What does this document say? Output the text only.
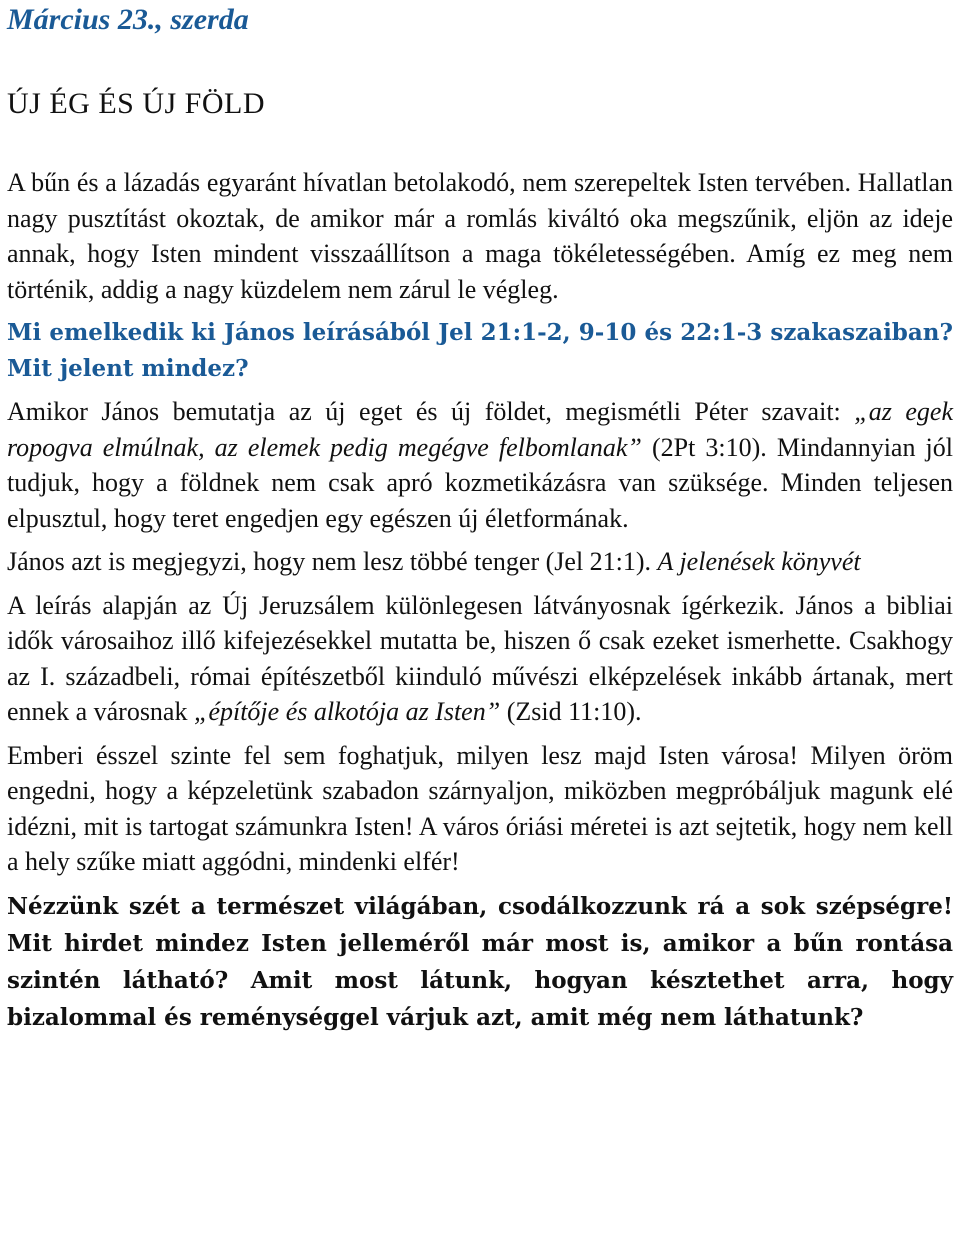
Március 23., szerda
ÚJ ÉG ÉS ÚJ FÖLD

A bűn és a lázadás egyaránt hívatlan betolakodó, nem szerepeltek Isten tervében. Hallatlan nagy pusztítást okoztak, de amikor már a romlás kiváltó oka megszűnik, eljön az ideje annak, hogy Isten mindent visszaállítson a maga tökéletességében. Amíg ez meg nem történik, addig a nagy küzdelem nem zárul le végleg.

Mi emelkedik ki János leírásából Jel 21:1-2, 9-10 és 22:1-3 szakaszaiban? Mit jelent mindez?

Amikor János bemutatja az új eget és új földet, megismétli Péter szavait: „az egek ropogva elmúlnak, az elemek pedig megégve felbomlanak” (2Pt 3:10). Mindannyian jól tudjuk, hogy a földnek nem csak apró kozmetikázásra van szüksége. Minden teljesen elpusztul, hogy teret engedjen egy egészen új életformának.

János azt is megjegyzi, hogy nem lesz többé tenger (Jel 21:1). A jelenések könyvét

A leírás alapján az Új Jeruzsálem különlegesen látványosnak ígérkezik. János a bibliai idők városaihoz illő kifejezésekkel mutatta be, hiszen ő csak ezeket ismerhette. Csakhogy az I. századbeli, római építészetből kiinduló művészi elképzelések inkább ártanak, mert ennek a városnak „építője és alkotója az Isten” (Zsid 11:10).

Emberi ésszel szinte fel sem foghatjuk, milyen lesz majd Isten városa! Milyen öröm engedni, hogy a képzeletünk szabadon szárnyaljon, miközben megpróbáljuk magunk elé idézni, mit is tartogat számunkra Isten! A város óriási méretei is azt sejtetik, hogy nem kell a hely szűke miatt aggódni, mindenki elfér!

Nézzünk szét a természet világában, csodálkozzunk rá a sok szépségre! Mit hirdet mindez Isten jelleméről már most is, amikor a bűn rontása szintén látható? Amit most látunk, hogyan késztethet arra, hogy bizalommal és reménységgel várjuk azt, amit még nem láthatunk?
